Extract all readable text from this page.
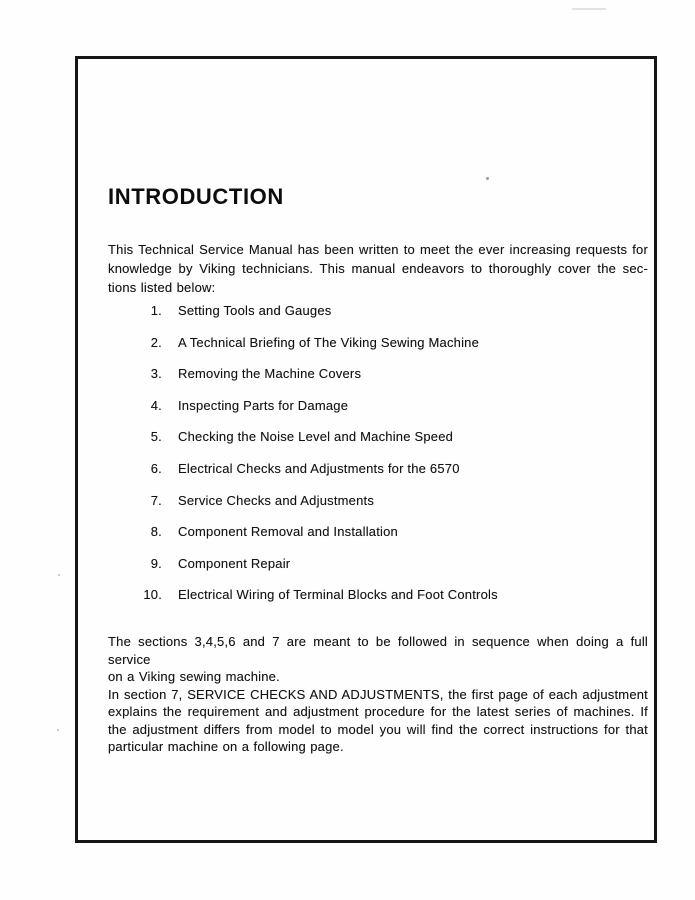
INTRODUCTION
This Technical Service Manual has been written to meet the ever increasing requests for
knowledge by Viking technicians. This manual endeavors to thoroughly cover the sec-
tions listed below:
1. Setting Tools and Gauges
2. A Technical Briefing of The Viking Sewing Machine
3. Removing the Machine Covers
4. Inspecting Parts for Damage
5. Checking the Noise Level and Machine Speed
6. Electrical Checks and Adjustments for the 6570
7. Service Checks and Adjustments
8. Component Removal and Installation
9. Component Repair
10. Electrical Wiring of Terminal Blocks and Foot Controls
The sections 3,4,5,6 and 7 are meant to be followed in sequence when doing a full service
on a Viking sewing machine.
In section 7, SERVICE CHECKS AND ADJUSTMENTS, the first page of each adjustment
explains the requirement and adjustment procedure for the latest series of machines. If
the adjustment differs from model to model you will find the correct instructions for that
particular machine on a following page.
